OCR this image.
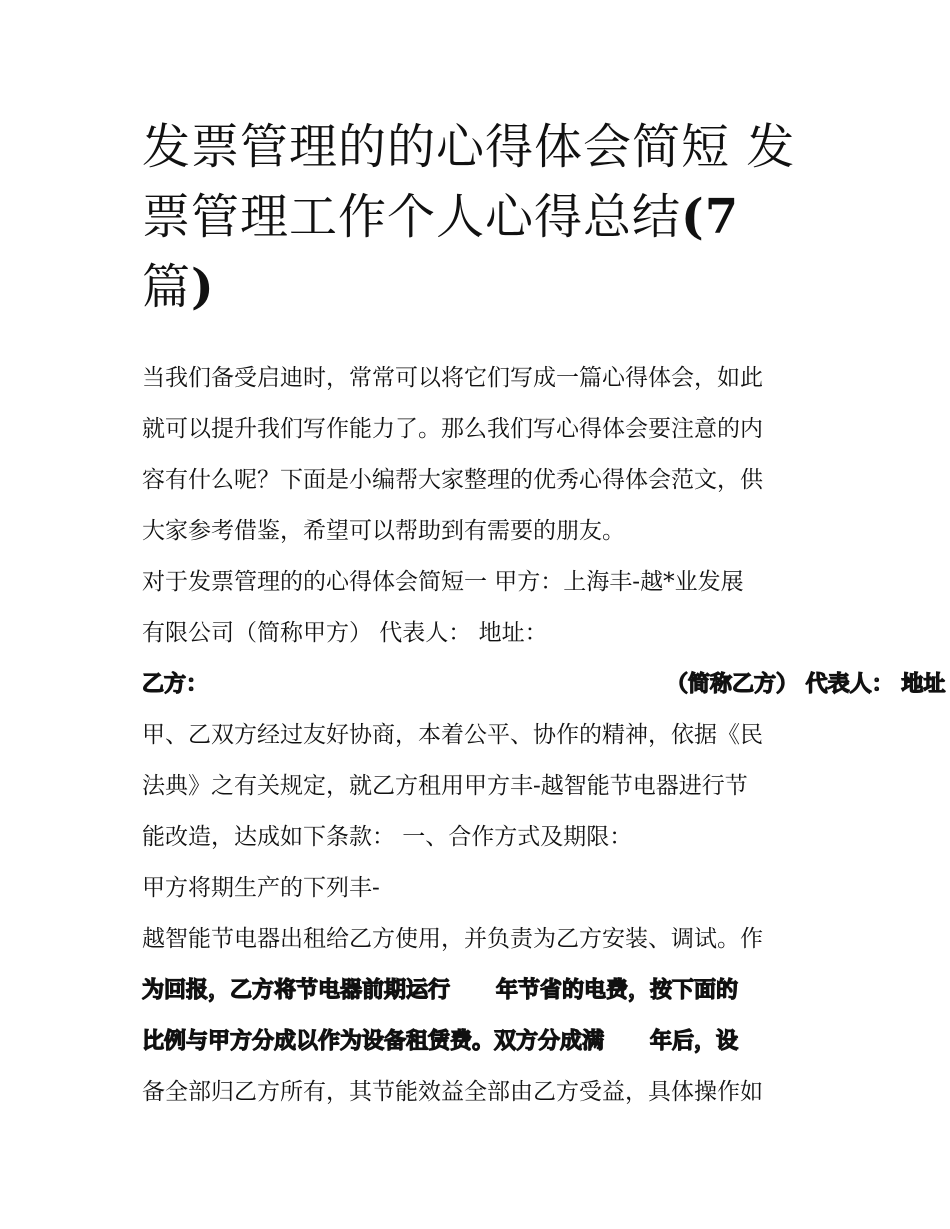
发票管理的的心得体会简短 发
票管理工作个人心得总结(7
篇)
当我们备受启迪时，常常可以将它们写成一篇心得体会，如此
就可以提升我们写作能力了。那么我们写心得体会要注意的内
容有什么呢？下面是小编帮大家整理的优秀心得体会范文，供
大家参考借鉴，希望可以帮助到有需要的朋友。
对于发票管理的的心得体会简短一 甲方：上海丰-越*业发展
有限公司（简称甲方） 代表人： 地址：
乙方：	（简称乙方） 代表人： 地址
甲、乙双方经过友好协商，本着公平、协作的精神，依据《民
法典》之有关规定，就乙方租用甲方丰-越智能节电器进行节
能改造，达成如下条款： 一、合作方式及期限：
甲方将期生产的下列丰-
越智能节电器出租给乙方使用，并负责为乙方安装、调试。作
为回报，乙方将节电器前期运行 年节省的电费，按下面的
比例与甲方分成以作为设备租赁费。双方分成满 年后，设
备全部归乙方所有，其节能效益全部由乙方受益，具体操作如
